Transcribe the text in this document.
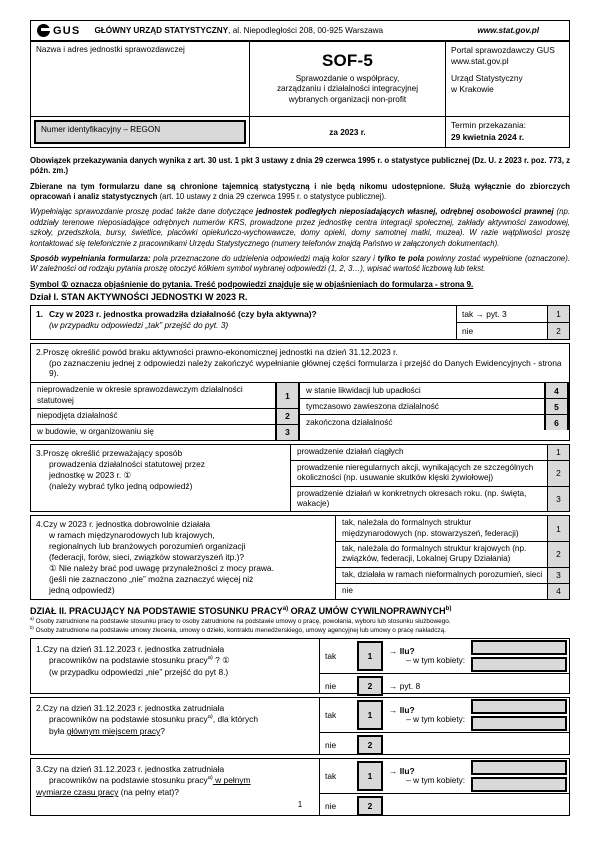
GUS GŁÓWNY URZĄD STATYSTYCZNY, al. Niepodległości 208, 00-925 Warszawa	www.stat.gov.pl
Nazwa i adres jednostki sprawozdawczej	
SOF-5
Sprawozdanie o współpracy,
zarządzaniu i działalności integracyjnej
wybranych organizacji non-profit

Portal sprawozdawczy GUS
www.stat.gov.pl
Urząd Statystyczny
w Krakowie

Numer identyfikacyjny – REGON	za 2023 r.	Termin przekazania:
29 kwietnia 2024 r.

Obowiązek przekazywania danych wynika z art. 30 ust. 1 pkt 3 ustawy z dnia 29 czerwca 1995 r. o statystyce publicznej (Dz. U. z 2023 r. poz. 773, z późn. zm.)

Zbierane na tym formularzu dane są chronione tajemnicą statystyczną i nie będą nikomu udostępnione. Służą wyłącznie do zbiorczych opracowań i analiz statystycznych (art. 10 ustawy z dnia 29 czerwca 1995 r. o statystyce publicznej).

Wypełniając sprawozdanie proszę podać także dane dotyczące jednostek podległych nieposiadających własnej, odrębnej osobowości prawnej (np. oddziały terenowe nieposiadające odrębnych numerów KRS, prowadzone przez jednostkę centra integracji społecznej, zakłady aktywności zawodowej, szkoły, przedszkola, bursy, świetlice, placówki opiekuńczo-wychowawcze, domy opieki, domy samotnej matki, muzea). W razie wątpliwości proszę kontaktować się telefonicznie z pracownikami Urzędu Statystycznego (numery telefonów znajdą Państwo w załączonych dokumentach).

Sposób wypełniania formularza: pola przeznaczone do udzielenia odpowiedzi mają kolor szary i tylko te pola powinny zostać wypełnione (oznaczone). W zależności od rodzaju pytania proszę otoczyć kółkiem symbol wybranej odpowiedzi (1, 2, 3…), wpisać wartość liczbową lub tekst.

Symbol ① oznacza objaśnienie do pytania. Treść podpowiedzi znajduje się w objaśnieniach do formularza - strona 9.
Dział I. STAN AKTYWNOŚCI JEDNOSTKI W 2023 R.
1. Czy w 2023 r. jednostka prowadziła działalność (czy była aktywna)?
(w przypadku odpowiedzi „tak” przejść do pyt. 3)
tak → pyt. 3	1
nie	2
2.Proszę określić powód braku aktywności prawno-ekonomicznej jednostki na dzień 31.12.2023 r.
(po zaznaczeniu jednej z odpowiedzi należy zakończyć wypełnianie głównej części formularza i przejść do Danych Ewidencyjnych - strona 9).
nieprowadzenie w okresie sprawozdawczym działalności statutowej	1
niepodjęta działalność	2
w budowie, w organizowaniu się	3
w stanie likwidacji lub upadłości	4
tymczasowo zawieszona działalność	5
zakończona działalność	6
3.Proszę określić przeważający sposób
prowadzenia działalności statutowej przez
jednostkę w 2023 r. ①
(należy wybrać tylko jedną odpowiedź)
prowadzenie działań ciągłych	1
prowadzenie nieregularnych akcji, wynikających ze szczególnych okoliczności (np. usuwanie skutków klęski żywiołowej)	2
prowadzenie działań w konkretnych okresach roku. (np. święta, wakacje)	3
4.Czy w 2023 r. jednostka dobrowolnie działała
w ramach międzynarodowych lub krajowych,
regionalnych lub branżowych porozumień organizacji
(federacji, forów, sieci, związków stowarzyszeń itp.)?
① Nie należy brać pod uwagę przynależności z mocy prawa.
(jeśli nie zaznaczono „nie” można zaznaczyć więcej niż
jedną odpowiedź)
tak, należała do formalnych struktur międzynarodowych (np. stowarzyszeń, federacji)	1
tak, należała do formalnych struktur krajowych (np. związków, federacji, Lokalnej Grupy Działania)	2
tak, działała w ramach nieformalnych porozumień, sieci	3
nie	4
DZIAŁ II. PRACUJĄCY NA PODSTAWIE STOSUNKU PRACY$^{a)}$ ORAZ UMÓW CYWILNOPRAWNYCH$^{b)}$
$^{a)}$ Osoby zatrudnione na podstawie stosunku pracy to osoby zatrudnione na podstawie umowy o pracę, powołania, wyboru lub stosunku służbowego.
$^{b)}$ Osoby zatrudnione na podstawie umowy zlecenia, umowy o dzieło, kontraktu menedżerskiego, umowy agencyjnej lub umowy o pracę nakładczą.
1.Czy na dzień 31.12.2023 r. jednostka zatrudniała
pracowników na podstawie stosunku pracy$^{a)}$ ? ①
(w przypadku odpowiedzi „nie” przejść do pyt 8.)
tak	1	→ Ilu?
– w tym kobiety:
nie	2	→ pyt. 8
2.Czy na dzień 31.12.2023 r. jednostka zatrudniała
pracowników na podstawie stosunku pracy$^{a)}$, dla których
była głównym miejscem pracy?
tak	1	→ Ilu?
– w tym kobiety:
nie	2
3.Czy na dzień 31.12.2023 r. jednostka zatrudniała
pracowników na podstawie stosunku pracy$^{a)}$ w pełnym
wymiarze czasu pracy (na pełny etat)?
tak	1	→ Ilu?
– w tym kobiety:
nie	2
1
